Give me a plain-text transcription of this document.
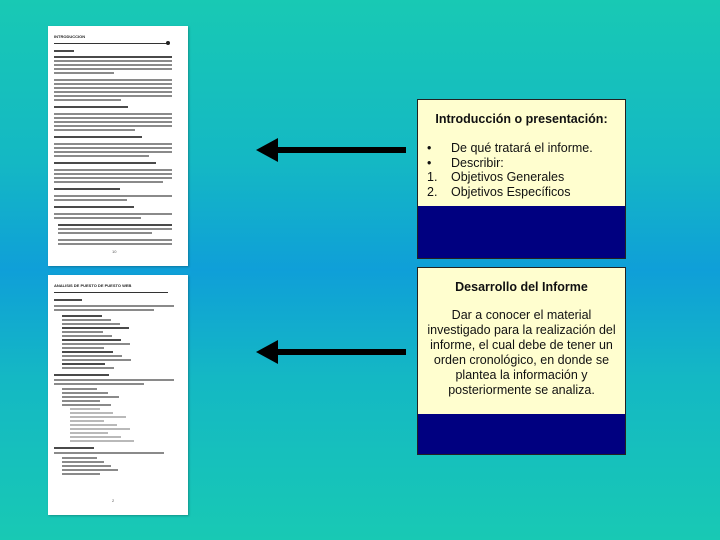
INTRODUCCION
10
ANALISIS DE PUESTO DE PUESTO WEB
2
Introducción o presentación:
•	De qué tratará el informe.
•	Describir:
1.	Objetivos Generales
2.	Objetivos Específicos
Desarrollo del Informe
Dar a conocer el material investigado para la realización del informe, el cual debe de tener un orden cronológico, en donde se plantea la información y posteriormente se analiza.
